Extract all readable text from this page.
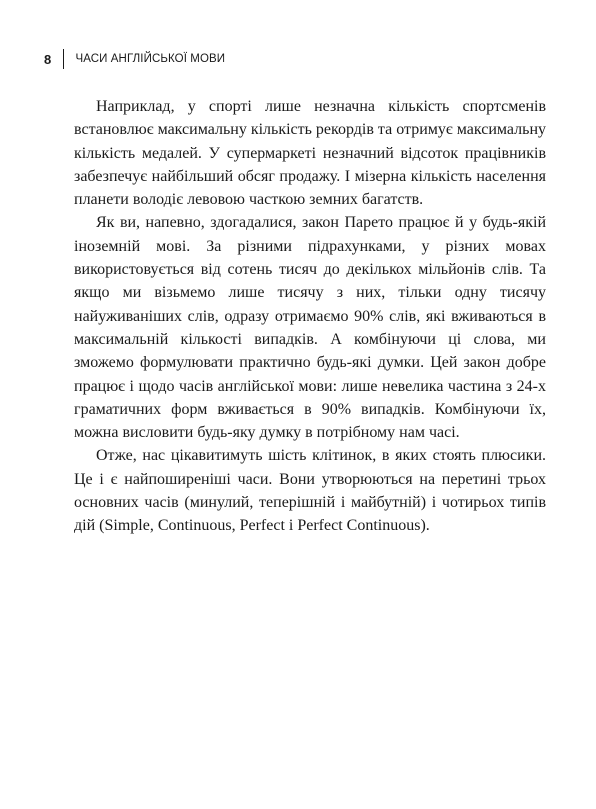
8 ЧАСИ АНГЛІЙСЬКОЇ МОВИ

Наприклад, у спорті лише незначна кількість спортсменів встановлює максимальну кількість рекордів та отримує максимальну кількість медалей. У супермаркеті незначний відсоток працівників забезпечує найбільший обсяг продажу. І мізерна кількість населення планети володіє левовою часткою земних багатств.

Як ви, напевно, здогадалися, закон Парето працює й у будь-якій іноземній мові. За різними підрахунками, у різних мовах використовується від сотень тисяч до декількох мільйонів слів. Та якщо ми візьмемо лише тисячу з них, тільки одну тисячу найуживаніших слів, одразу отримаємо 90% слів, які вживаються в максимальній кількості випадків. А комбінуючи ці слова, ми зможемо формулювати практично будь-які думки. Цей закон добре працює і щодо часів англійської мови: лише невелика частина з 24-х граматичних форм вживається в 90% випадків. Комбінуючи їх, можна висловити будь-яку думку в потрібному нам часі.

Отже, нас цікавитимуть шість клітинок, в яких стоять плюсики. Це і є найпоширеніші часи. Вони утворюються на перетині трьох основних часів (минулий, теперішній і майбутній) і чотирьох типів дій (Simple, Continuous, Perfect і Perfect Continuous).
